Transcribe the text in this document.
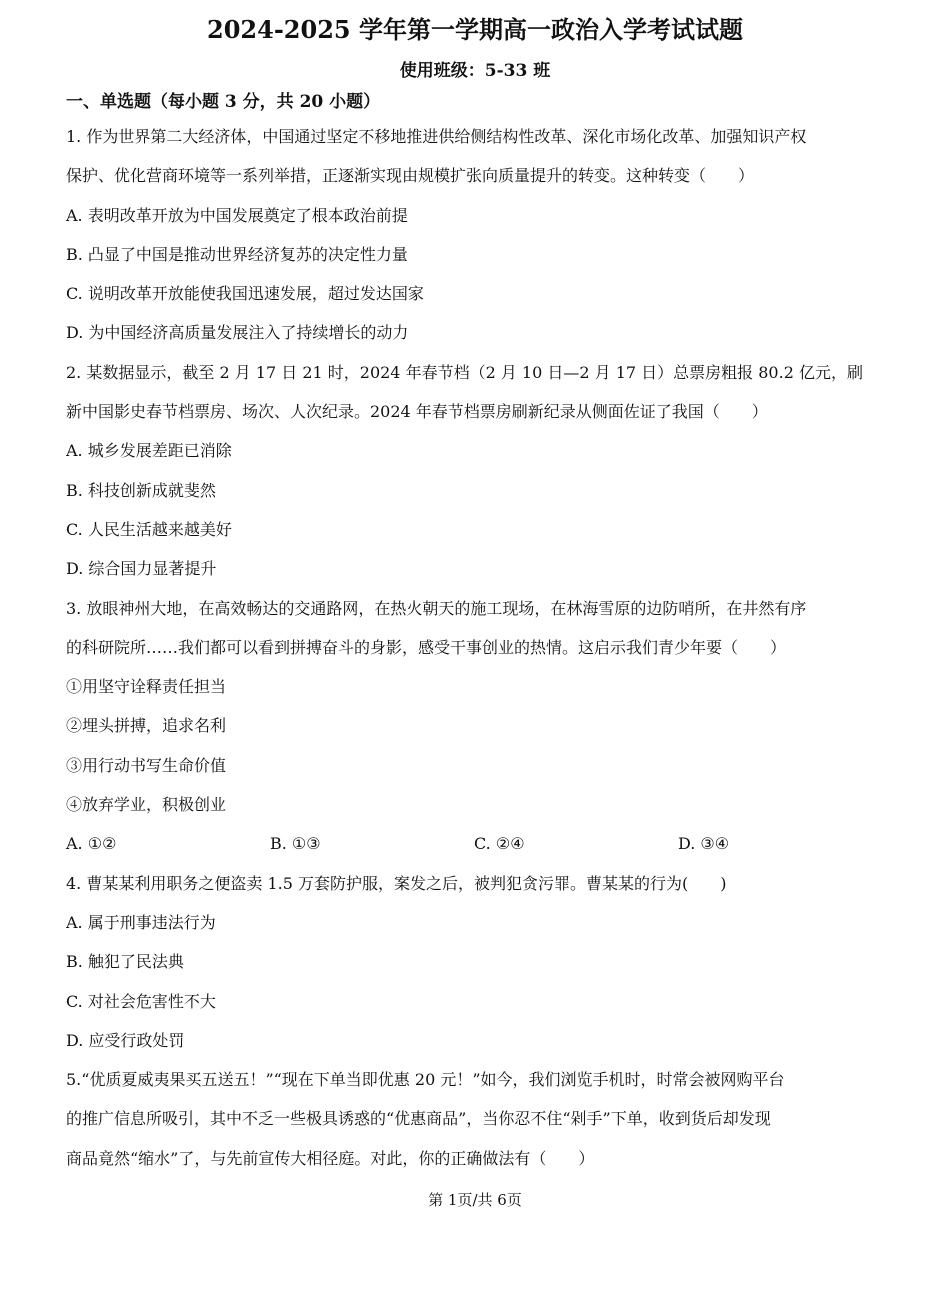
2024-2025 学年第一学期高一政治入学考试试题
使用班级：5-33 班
一、单选题（每小题 3 分，共 20 小题）
1. 作为世界第二大经济体，中国通过坚定不移地推进供给侧结构性改革、深化市场化改革、加强知识产权
保护、优化营商环境等一系列举措，正逐渐实现由规模扩张向质量提升的转变。这种转变（　　）
A. 表明改革开放为中国发展奠定了根本政治前提
B. 凸显了中国是推动世界经济复苏的决定性力量
C. 说明改革开放能使我国迅速发展，超过发达国家
D. 为中国经济高质量发展注入了持续增长的动力
2. 某数据显示，截至 2 月 17 日 21 时，2024 年春节档（2 月 10 日—2 月 17 日）总票房粗报 80.2 亿元，刷
新中国影史春节档票房、场次、人次纪录。2024 年春节档票房刷新纪录从侧面佐证了我国（　　）
A. 城乡发展差距已消除
B. 科技创新成就斐然
C. 人民生活越来越美好
D. 综合国力显著提升
3. 放眼神州大地，在高效畅达的交通路网，在热火朝天的施工现场，在林海雪原的边防哨所，在井然有序
的科研院所……我们都可以看到拼搏奋斗的身影，感受干事创业的热情。这启示我们青少年要（　　）
①用坚守诠释责任担当
②埋头拼搏，追求名利
③用行动书写生命价值
④放弃学业，积极创业
A. ①②	B. ①③	C. ②④	D. ③④
4. 曹某某利用职务之便盗卖 1.5 万套防护服，案发之后，被判犯贪污罪。曹某某的行为(　　)
A. 属于刑事违法行为
B. 触犯了民法典
C. 对社会危害性不大
D. 应受行政处罚
5.“优质夏威夷果买五送五！”“现在下单当即优惠 20 元！”如今，我们浏览手机时，时常会被网购平台
的推广信息所吸引，其中不乏一些极具诱惑的“优惠商品”，当你忍不住“剁手”下单，收到货后却发现
商品竟然“缩水”了，与先前宣传大相径庭。对此，你的正确做法有（　　）
第 1页/共 6页
